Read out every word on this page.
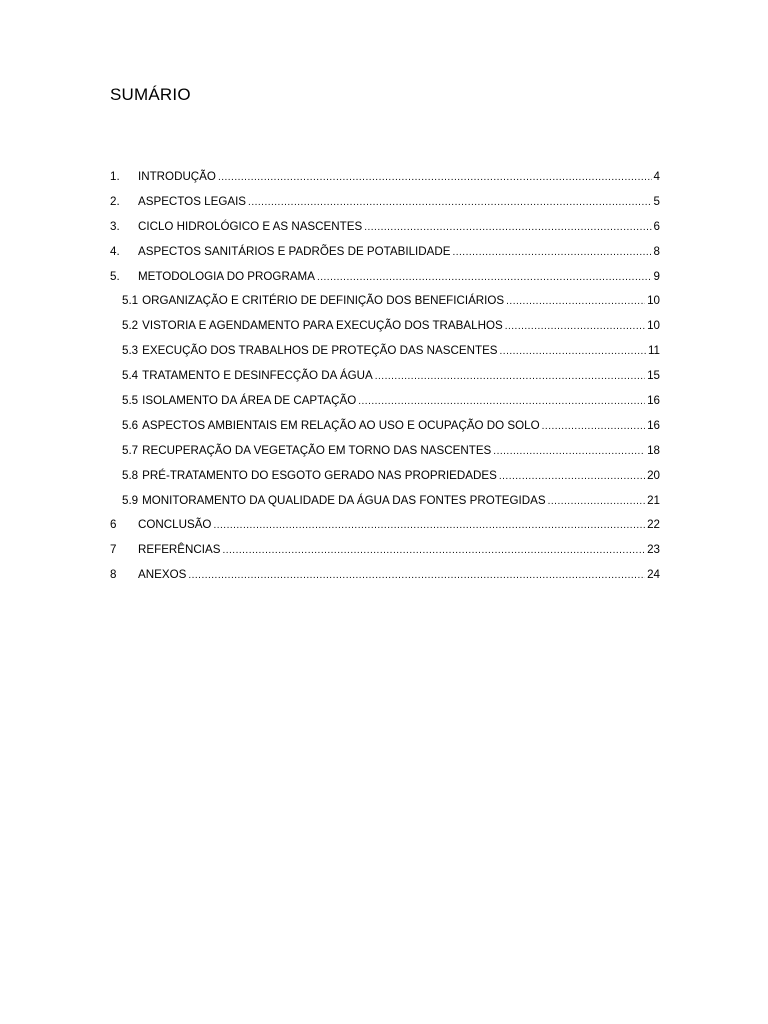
SUMÁRIO
1.	INTRODUÇÃO .....	4
2.	ASPECTOS LEGAIS .....	5
3.	CICLO HIDROLÓGICO E AS NASCENTES .....	6
4.	ASPECTOS SANITÁRIOS E PADRÕES DE POTABILIDADE .....	8
5.	METODOLOGIA DO PROGRAMA .....	9
5.1 ORGANIZAÇÃO E CRITÉRIO DE DEFINIÇÃO DOS BENEFICIÁRIOS .....	10
5.2 VISTORIA E AGENDAMENTO PARA EXECUÇÃO DOS TRABALHOS .....	10
5.3 EXECUÇÃO DOS TRABALHOS DE PROTEÇÃO DAS NASCENTES .....	11
5.4 TRATAMENTO E DESINFECÇÃO DA ÁGUA .....	15
5.5 ISOLAMENTO DA ÁREA DE CAPTAÇÃO .....	16
5.6 ASPECTOS AMBIENTAIS EM RELAÇÃO AO USO E OCUPAÇÃO DO SOLO .....	16
5.7 RECUPERAÇÃO DA VEGETAÇÃO EM TORNO DAS NASCENTES .....	18
5.8 PRÉ-TRATAMENTO DO ESGOTO GERADO NAS PROPRIEDADES .....	20
5.9 MONITORAMENTO DA QUALIDADE DA ÁGUA DAS FONTES PROTEGIDAS .....	21
6	CONCLUSÃO .....	22
7	REFERÊNCIAS .....	23
8	ANEXOS .....	24
